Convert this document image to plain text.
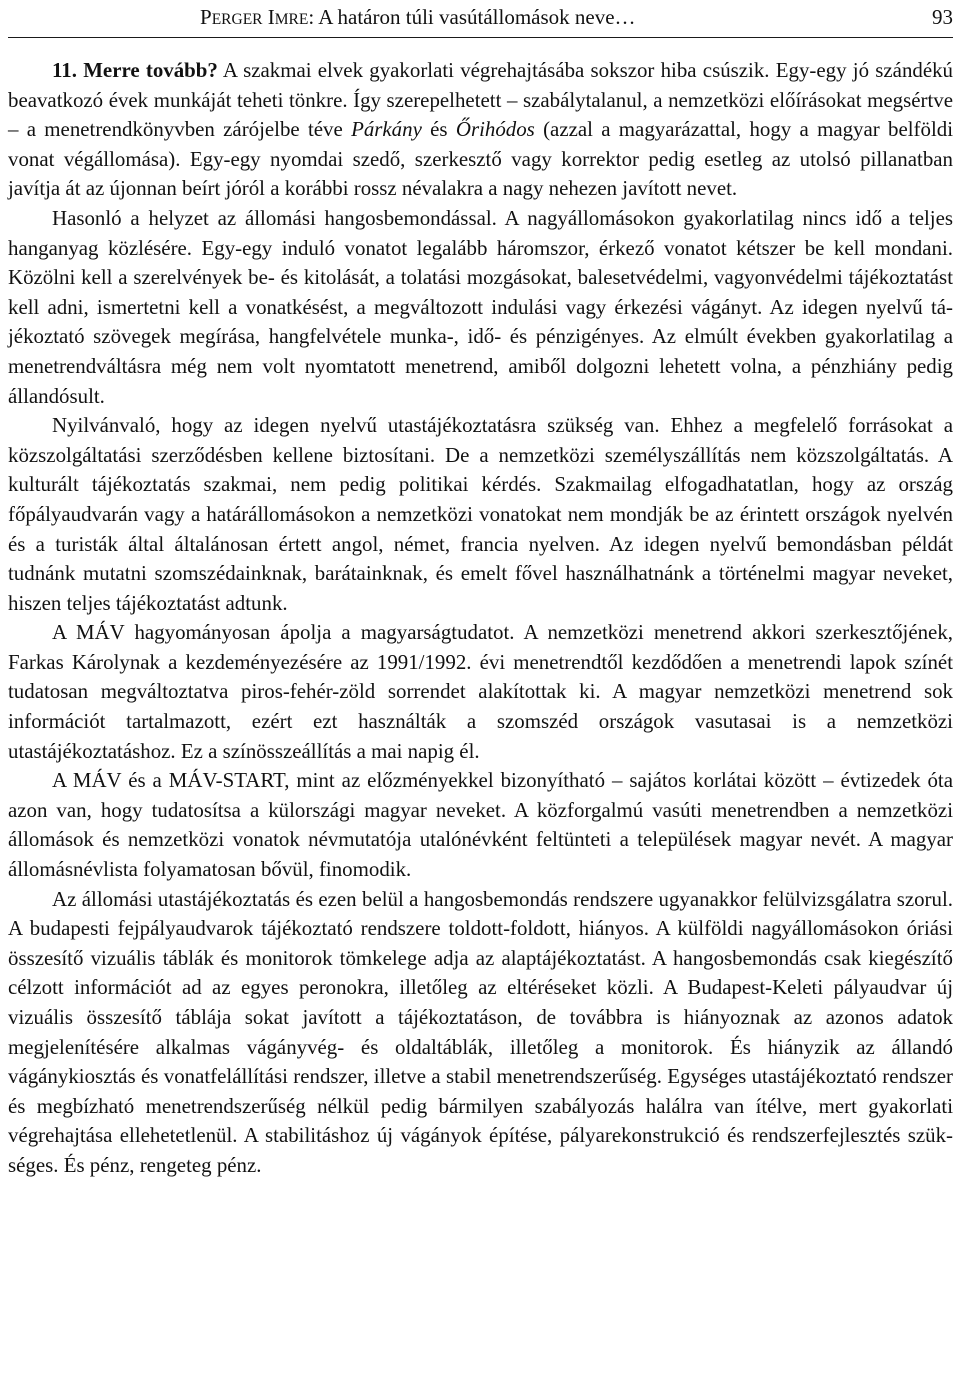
PERGER IMRE: A határon túli vasútállomások neve…	93

11. Merre tovább? A szakmai elvek gyakorlati végrehajtásába sokszor hiba csúszik. Egy-egy jó szándékú beavatkozó évek munkáját teheti tönkre. Így szerepelhetett – szabálytalanul, a nemzetközi előírásokat megsértve – a menetrendkönyvben zárójelbe téve Párkány és Őrihódos (azzal a magyarázattal, hogy a magyar belföldi vonat végállomása). Egy-egy nyomdai szedő, szerkesztő vagy korrektor pedig esetleg az utolsó pillanatban javítja át az újonnan beírt jóról a korábbi rossz névalakra a nagy nehezen javított nevet.

Hasonló a helyzet az állomási hangosbemondással. A nagyállomásokon gyakorlatilag nincs idő a teljes hanganyag közlésére. Egy-egy induló vonatot legalább háromszor, érkező vonatot kétszer be kell mondani. Közölni kell a szerelvények be- és kitolását, a tolatási mozgásokat, balesetvédelmi, vagyonvédelmi tájékoztatást kell adni, ismertetni kell a vonatkésést, a megváltozott indulási vagy érkezési vágányt. Az idegen nyelvű tájékoztató szövegek megírása, hangfelvétele munka-, idő- és pénzigényes. Az elmúlt években gyakorlatilag a menetrendváltásra még nem volt nyomtatott menetrend, amiből dolgozni lehetett volna, a pénzhiány pedig állandósult.

Nyilvánvaló, hogy az idegen nyelvű utastájékoztatásra szükség van. Ehhez a megfelelő forrásokat a közszolgáltatási szerződésben kellene biztosítani. De a nemzetközi személyszállítás nem közszolgáltatás. A kulturált tájékoztatás szakmai, nem pedig politikai kérdés. Szakmailag elfogadhatatlan, hogy az ország főpályaudvarán vagy a határállomásokon a nemzetközi vonatokat nem mondják be az érintett országok nyelvén és a turisták által általánosan értett angol, német, francia nyelven. Az idegen nyelvű bemondásban példát tudnánk mutatni szomszédainknak, barátainknak, és emelt fővel használhatnánk a történelmi magyar neveket, hiszen teljes tájékoztatást adtunk.

A MÁV hagyományosan ápolja a magyarságtudatot. A nemzetközi menetrend akkori szerkesztőjének, Farkas Károlynak a kezdeményezésére az 1991/1992. évi menetrendtől kezdődően a menetrendi lapok színét tudatosan megváltoztatva piros-fehér-zöld sorrendet alakítottak ki. A magyar nemzetközi menetrend sok információt tartalmazott, ezért ezt használták a szomszéd országok vasutasai is a nemzetközi utastájékoztatáshoz. Ez a színösszeállítás a mai napig él.

A MÁV és a MÁV-START, mint az előzményekkel bizonyítható – sajátos korlátai között – évtizedek óta azon van, hogy tudatosítsa a külországi magyar neveket. A közforgalmú vasúti menetrendben a nemzetközi állomások és nemzetközi vonatok névmutatója utalónévként feltünteti a települések magyar nevét. A magyar állomásnévlista folyamatosan bővül, finomodik.

Az állomási utastájékoztatás és ezen belül a hangosbemondás rendszere ugyanakkor felülvizsgálatra szorul. A budapesti fejpályaudvarok tájékoztató rendszere toldott-foldott, hiányos. A külföldi nagyállomásokon óriási összesítő vizuális táblák és monitorok tömkelege adja az alaptájékoztatást. A hangosbemondás csak kiegészítő célzott információt ad az egyes peronokra, illetőleg az eltéréseket közli. A Budapest-Keleti pályaudvar új vizuális összesítő táblája sokat javított a tájékoztatáson, de továbbra is hiányoznak az azonos adatok megjelenítésére alkalmas vágányvég- és oldaltáblák, illetőleg a monitorok. És hiányzik az állandó vágánykiosztás és vonatfelállítási rendszer, illetve a stabil menetrendszerűség. Egységes utastájékoztató rendszer és megbízható menetrendszerűség nélkül pedig bármilyen szabályozás halálra van ítélve, mert gyakorlati végrehajtása ellehetetlenül. A stabilitáshoz új vágányok építése, pályarekonstrukció és rendszerfejlesztés szükséges. És pénz, rengeteg pénz.
